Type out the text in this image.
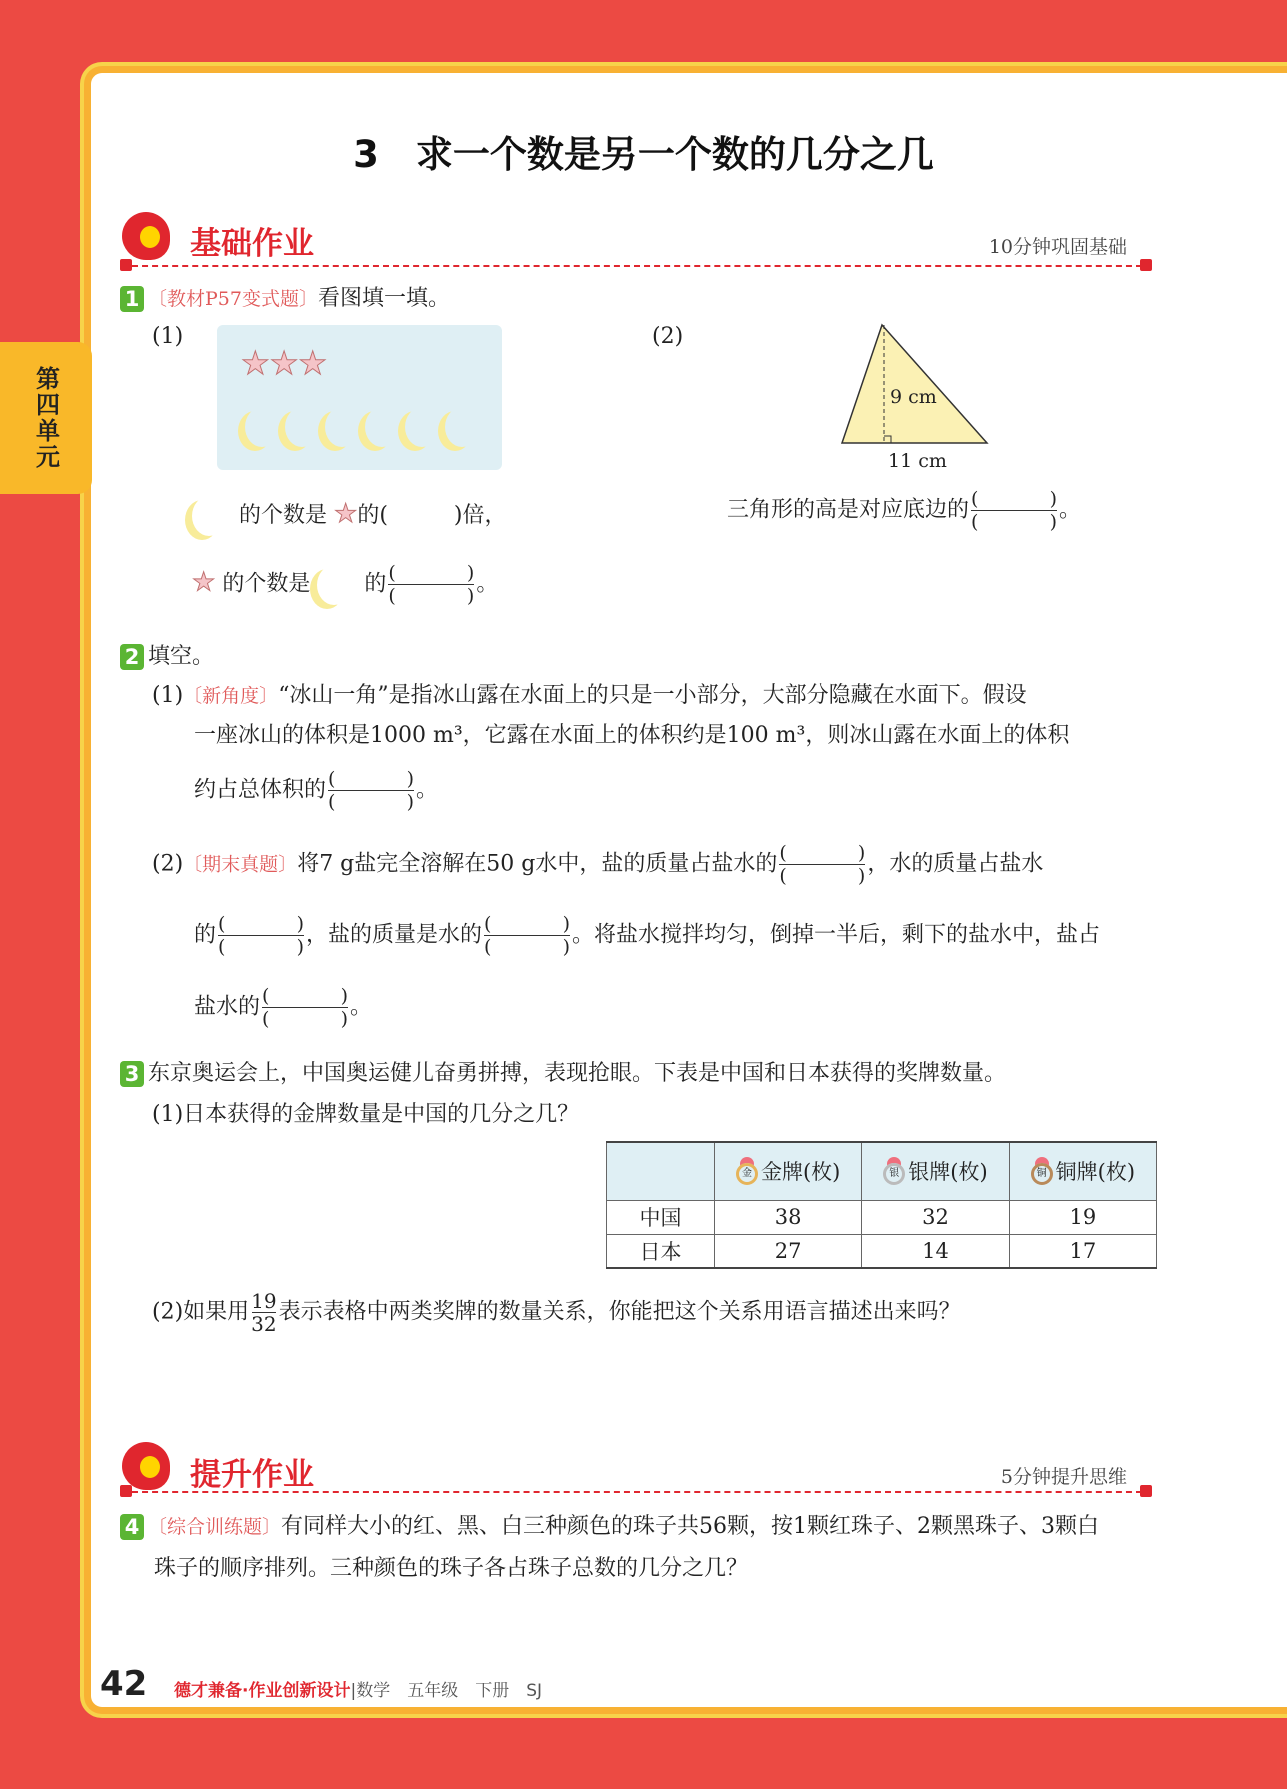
第四单元
3　求一个数是另一个数的几分之几
基础作业	10分钟巩固基础
1 〔教材P57变式题〕看图填一填。
(1)
★★★
(2)
9 cm
11 cm
的个数是 ★的(　　　)倍，	三角形的高是对应底边的 ( ) ( )	。
★ 的个数是 的 ( ) ( )	。
2 填空。
(1)〔新角度〕“冰山一角”是指冰山露在水面上的只是一小部分，大部分隐藏在水面下。假设
一座冰山的体积是1000 m³，它露在水面上的体积约是100 m³，则冰山露在水面上的体积
约占总体积的 ( ) ( )	。
(2)〔期末真题〕将7 g盐完全溶解在50 g水中，盐的质量占盐水的 ( ) ( )	，水的质量占盐水
的 ( ) ( )	，盐的质量是水的 ( ) ( )	。将盐水搅拌均匀，倒掉一半后，剩下的盐水中，盐占
盐水的 ( ) ( )	。
3 东京奥运会上，中国奥运健儿奋勇拼搏，表现抢眼。下表是中国和日本获得的奖牌数量。
(1)日本获得的金牌数量是中国的几分之几？
	金 金牌(枚)	银 银牌(枚)	铜 铜牌(枚)
中国	38	32	19
日本	27	14	17
(2)如果用 $\frac{19}{32}$ 表示表格中两类奖牌的数量关系，你能把这个关系用语言描述出来吗？
提升作业	5分钟提升思维
4 〔综合训练题〕有同样大小的红、黑、白三种颜色的珠子共56颗，按1颗红珠子、2颗黑珠子、3颗白
珠子的顺序排列。三种颜色的珠子各占珠子总数的几分之几？
42 德才兼备·作业创新设计|数学　五年级　下册　SJ
